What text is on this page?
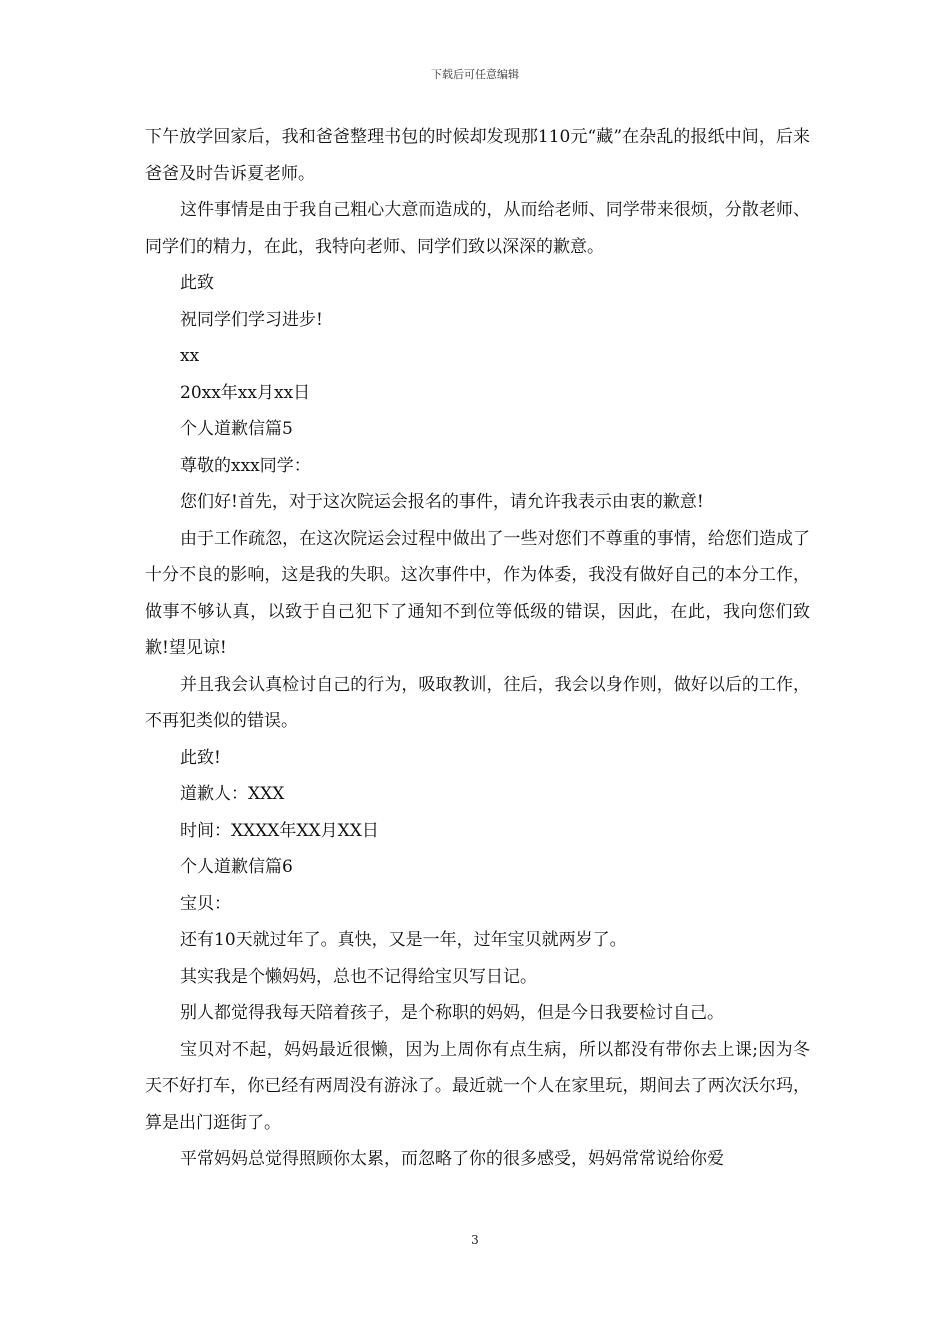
下载后可任意编辑

下午放学回家后，我和爸爸整理书包的时候却发现那110元“藏”在杂乱的报纸中间，后来爸爸及时告诉夏老师。

这件事情是由于我自己粗心大意而造成的，从而给老师、同学带来很烦，分散老师、同学们的精力，在此，我特向老师、同学们致以深深的歉意。

此致

祝同学们学习进步!

xx

20xx年xx月xx日

个人道歉信篇5

尊敬的xxx同学：

您们好!首先，对于这次院运会报名的事件，请允许我表示由衷的歉意!

由于工作疏忽，在这次院运会过程中做出了一些对您们不尊重的事情，给您们造成了十分不良的影响，这是我的失职。这次事件中，作为体委，我没有做好自己的本分工作，做事不够认真，以致于自己犯下了通知不到位等低级的错误，因此，在此，我向您们致歉!望见谅!

并且我会认真检讨自己的行为，吸取教训，往后，我会以身作则，做好以后的工作，不再犯类似的错误。

此致!

道歉人：XXX

时间：XXXX年XX月XX日

个人道歉信篇6

宝贝：

还有10天就过年了。真快，又是一年，过年宝贝就两岁了。

其实我是个懒妈妈，总也不记得给宝贝写日记。

别人都觉得我每天陪着孩子，是个称职的妈妈，但是今日我要检讨自己。

宝贝对不起，妈妈最近很懒，因为上周你有点生病，所以都没有带你去上课;因为冬天不好打车，你已经有两周没有游泳了。最近就一个人在家里玩，期间去了两次沃尔玛，算是出门逛街了。

平常妈妈总觉得照顾你太累，而忽略了你的很多感受，妈妈常常说给你爱

3
